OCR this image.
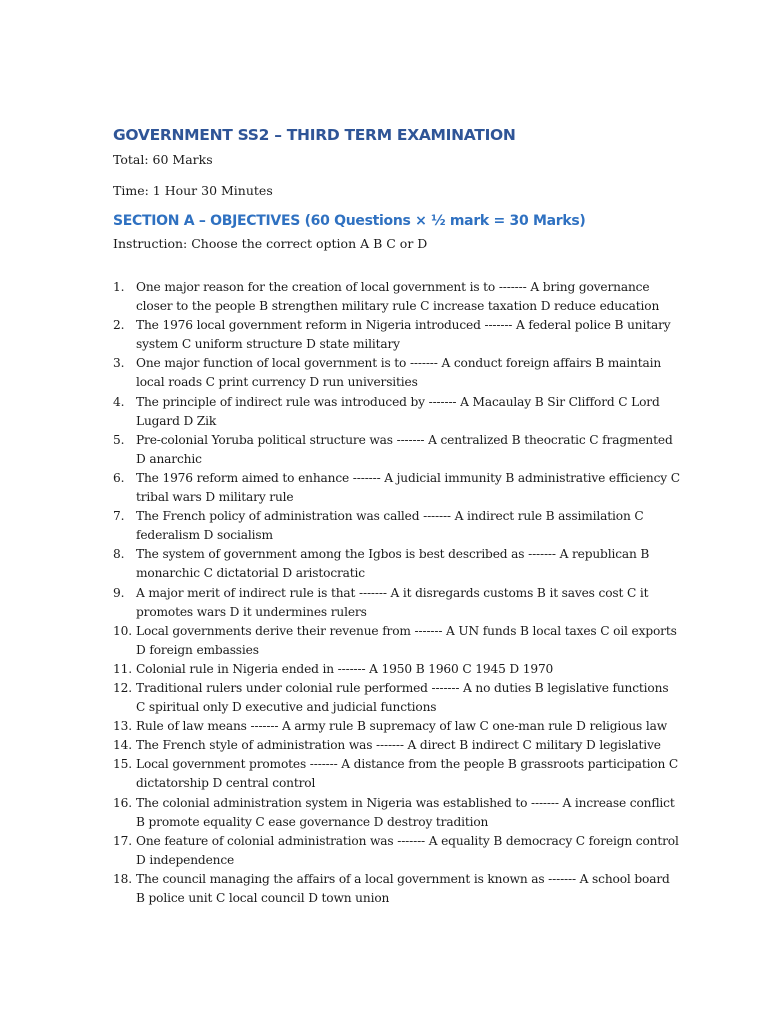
GOVERNMENT SS2 – THIRD TERM EXAMINATION

Total: 60 Marks

Time: 1 Hour 30 Minutes

SECTION A – OBJECTIVES (60 Questions × ½ mark = 30 Marks)

Instruction: Choose the correct option A B C or D

1. One major reason for the creation of local government is to ------- A bring governance closer to the people B strengthen military rule C increase taxation D reduce education
2. The 1976 local government reform in Nigeria introduced ------- A federal police B unitary system C uniform structure D state military
3. One major function of local government is to ------- A conduct foreign affairs B maintain local roads C print currency D run universities
4. The principle of indirect rule was introduced by ------- A Macaulay B Sir Clifford C Lord Lugard D Zik
5. Pre-colonial Yoruba political structure was ------- A centralized B theocratic C fragmented D anarchic
6. The 1976 reform aimed to enhance ------- A judicial immunity B administrative efficiency C tribal wars D military rule
7. The French policy of administration was called ------- A indirect rule B assimilation C federalism D socialism
8. The system of government among the Igbos is best described as ------- A republican B monarchic C dictatorial D aristocratic
9. A major merit of indirect rule is that ------- A it disregards customs B it saves cost C it promotes wars D it undermines rulers
10. Local governments derive their revenue from ------- A UN funds B local taxes C oil exports D foreign embassies
11. Colonial rule in Nigeria ended in ------- A 1950 B 1960 C 1945 D 1970
12. Traditional rulers under colonial rule performed ------- A no duties B legislative functions C spiritual only D executive and judicial functions
13. Rule of law means ------- A army rule B supremacy of law C one-man rule D religious law
14. The French style of administration was ------- A direct B indirect C military D legislative
15. Local government promotes ------- A distance from the people B grassroots participation C dictatorship D central control
16. The colonial administration system in Nigeria was established to ------- A increase conflict B promote equality C ease governance D destroy tradition
17. One feature of colonial administration was ------- A equality B democracy C foreign control D independence
18. The council managing the affairs of a local government is known as ------- A school board B police unit C local council D town union
